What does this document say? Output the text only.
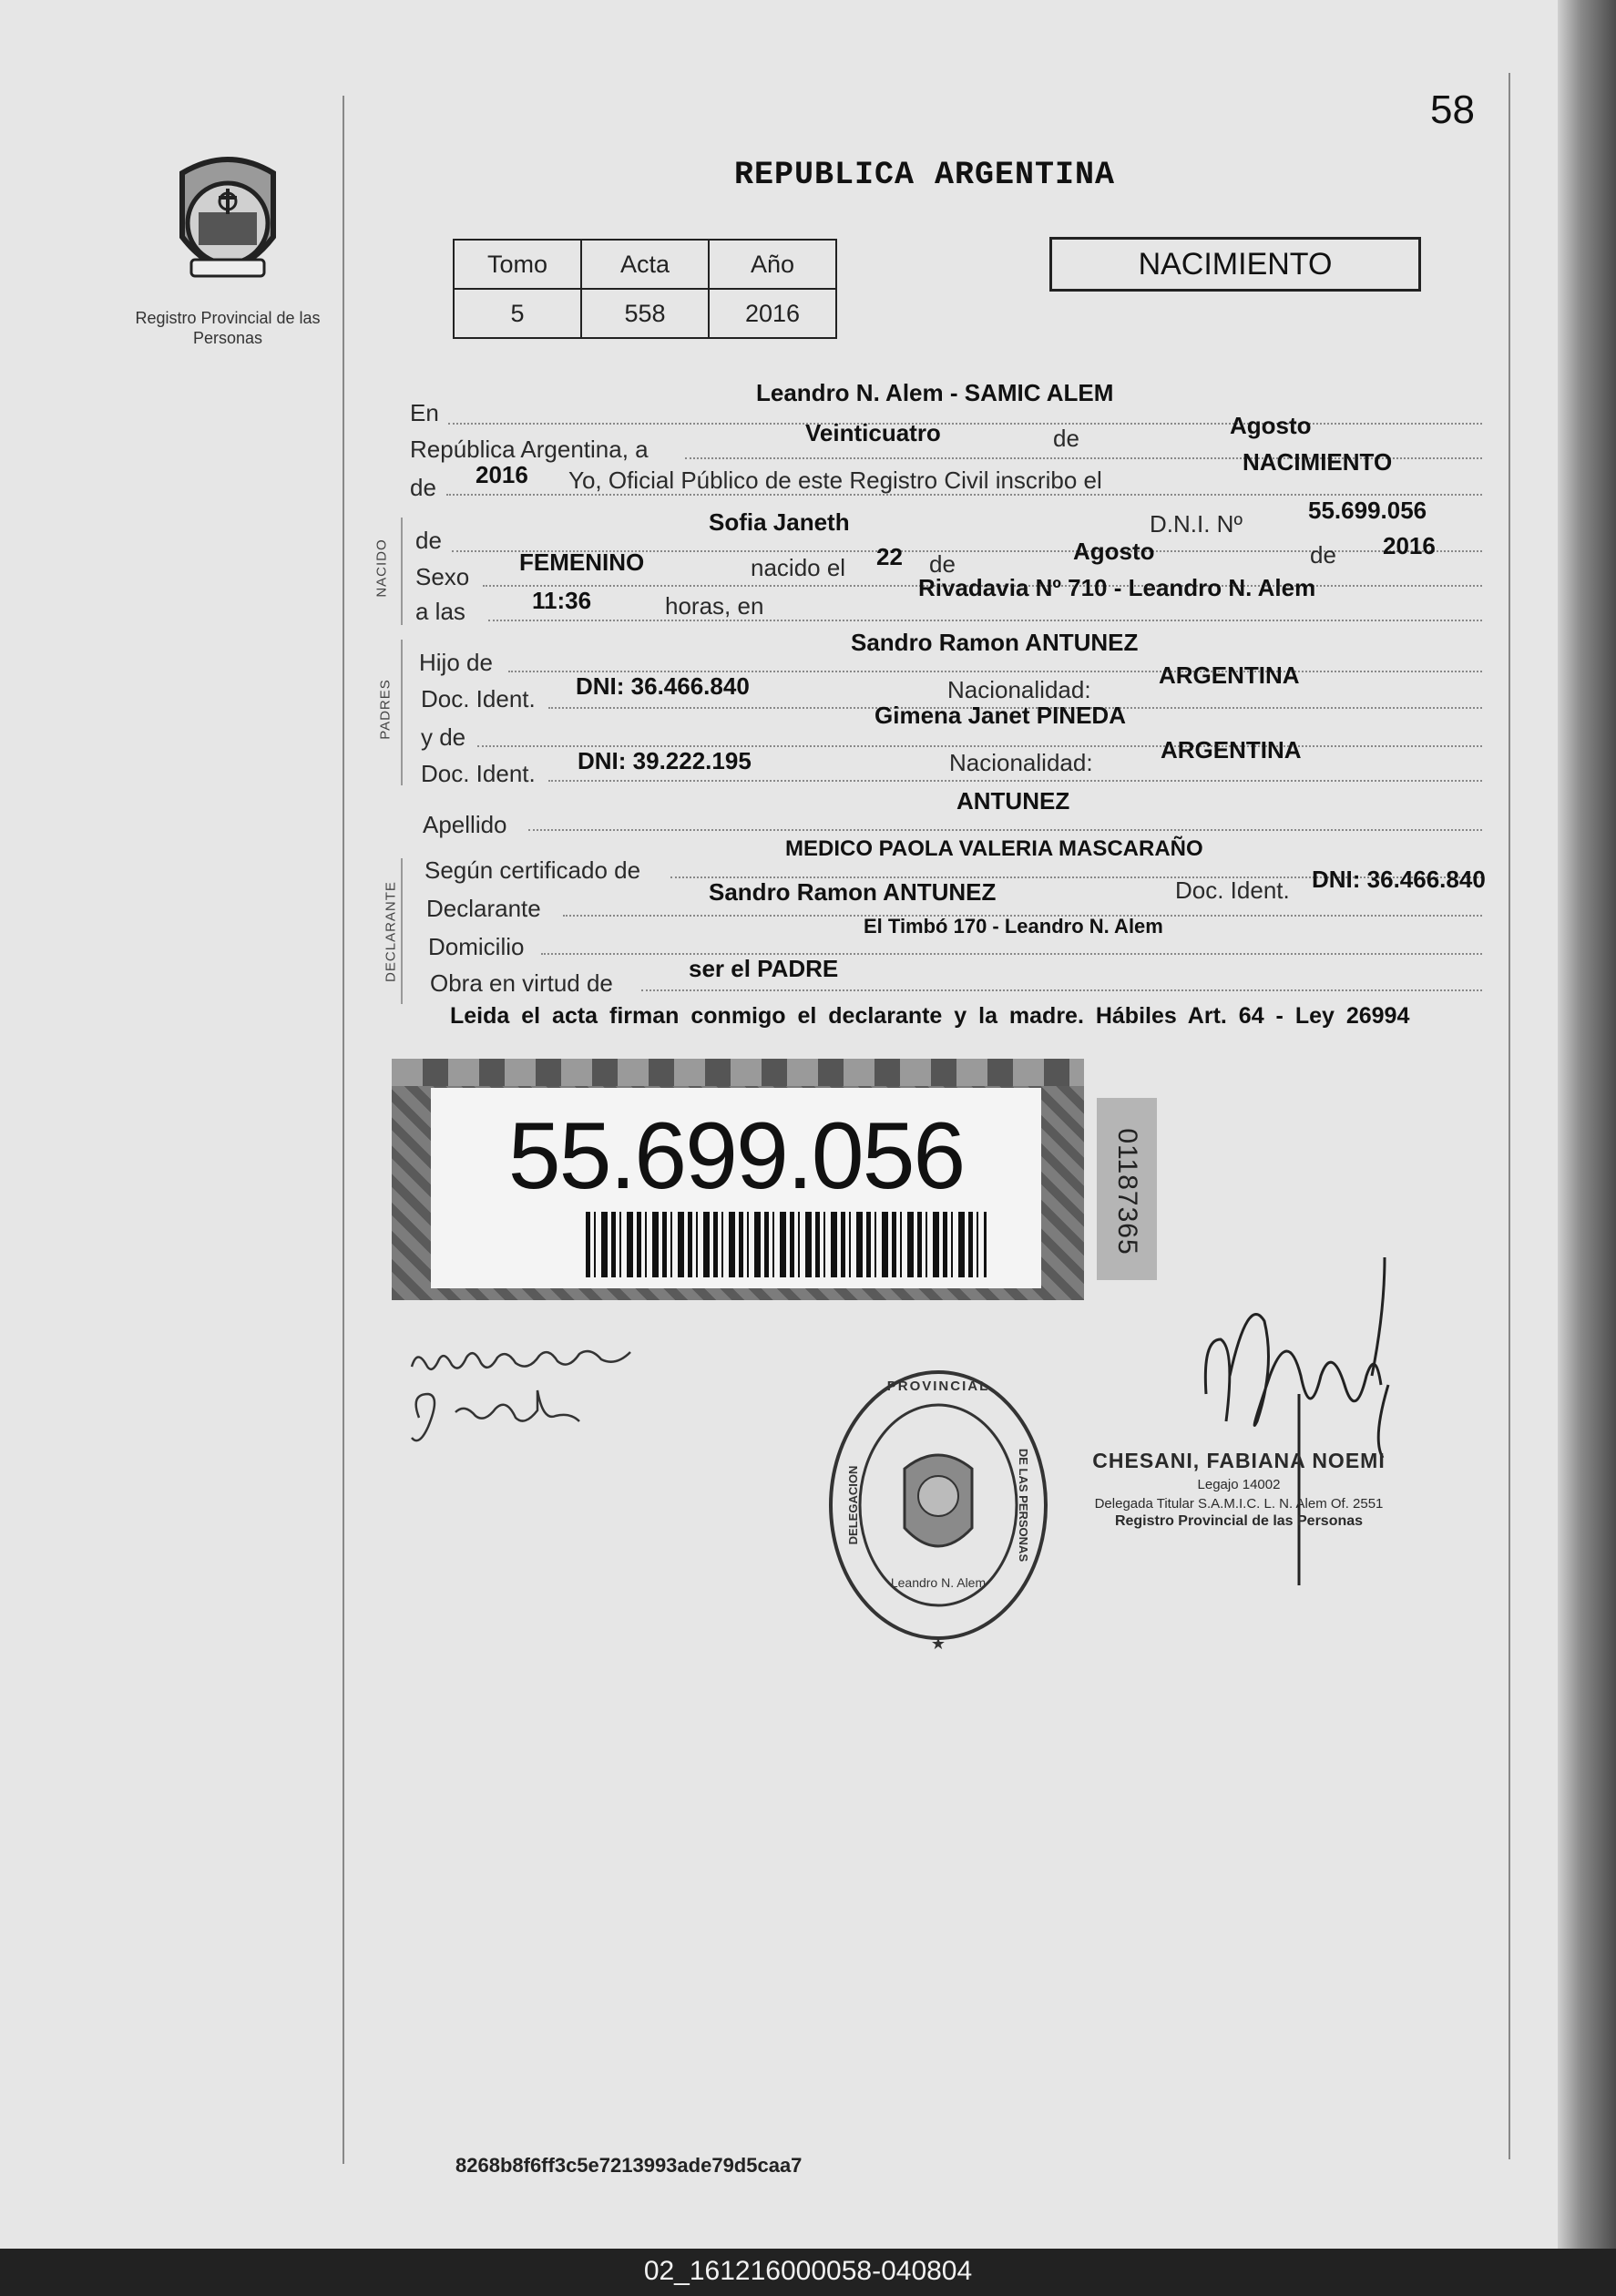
02_161216000058-040804
Registro Provincial de las Personas
58
REPUBLICA ARGENTINA
Tomo	Acta	Año
5	558	2016
NACIMIENTO
En
Leandro N. Alem - SAMIC ALEM
República Argentina, a
Veinticuatro	de	Agosto
de 2016 Yo, Oficial Público de este Registro Civil inscribo el
NACIMIENTO
NACIDO de
Sofia Janeth	D.N.I. Nº	55.699.056
Sexo
FEMENINO	nacido el 22 de	Agosto	de 2016
a las	11:36	horas, en
Rivadavia Nº 710 - Leandro N. Alem
PADRES
Hijo de
Sandro Ramon ANTUNEZ
Doc. Ident. DNI: 36.466.840	Nacionalidad:
ARGENTINA
y de
Gimena Janet PINEDA
Doc. Ident. DNI: 39.222.195	Nacionalidad:	ARGENTINA
Apellido
ANTUNEZ
DECLARANTE
Según certificado de
MEDICO PAOLA VALERIA MASCARAÑO
Declarante
Sandro Ramon ANTUNEZ	Doc. Ident. DNI: 36.466.840
Domicilio
El Timbó 170 - Leandro N. Alem
Obra en virtud de
ser el PADRE
Leida el acta firman conmigo el declarante y la madre. Hábiles Art. 64 - Ley 26994
55.699.056	01187365
PROVINCIAL
DELEGACION	DE LAS PERSONAS
Leandro N. Alem
★
CHESANI, FABIANA NOEMI
Legajo 14002
Delegada Titular S.A.M.I.C. L. N. Alem Of. 2551
Registro Provincial de las Personas
8268b8f6ff3c5e7213993ade79d5caa7
